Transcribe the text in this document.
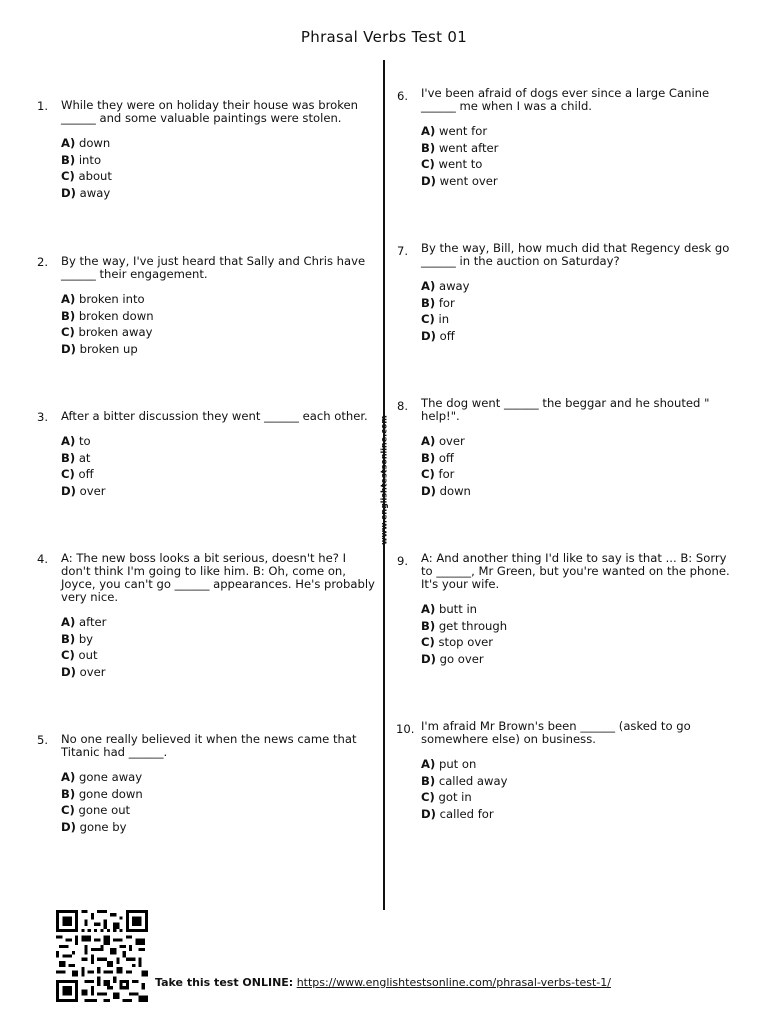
Phrasal Verbs Test 01
www.englishtestsonline.com
1. While they were on holiday their house was broken ______ and some valuable paintings were stolen.
A) down
B) into
C) about
D) away
2. By the way, I've just heard that Sally and Chris have ______ their engagement.
A) broken into
B) broken down
C) broken away
D) broken up
3. After a bitter discussion they went ______ each other.
A) to
B) at
C) off
D) over
4. A: The new boss looks a bit serious, doesn't he? I don't think I'm going to like him. B: Oh, come on, Joyce, you can't go ______ appearances. He's probably very nice.
A) after
B) by
C) out
D) over
5. No one really believed it when the news came that Titanic had ______.
A) gone away
B) gone down
C) gone out
D) gone by
6. I've been afraid of dogs ever since a large Canine ______ me when I was a child.
A) went for
B) went after
C) went to
D) went over
7. By the way, Bill, how much did that Regency desk go ______ in the auction on Saturday?
A) away
B) for
C) in
D) off
8. The dog went ______ the beggar and he shouted " help!".
A) over
B) off
C) for
D) down
9. A: And another thing I'd like to say is that ... B: Sorry to ______, Mr Green, but you're wanted on the phone. It's your wife.
A) butt in
B) get through
C) stop over
D) go over
10. I'm afraid Mr Brown's been ______ (asked to go somewhere else) on business.
A) put on
B) called away
C) got in
D) called for
Take this test ONLINE: https://www.englishtestsonline.com/phrasal-verbs-test-1/
